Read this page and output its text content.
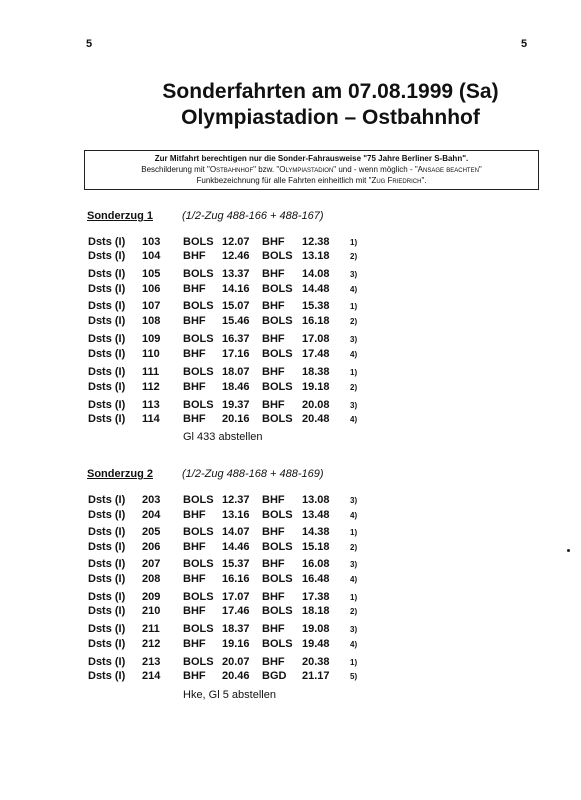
5	5
Sonderfahrten am 07.08.1999 (Sa)
Olympiastadion – Ostbahnhof
Zur Mitfahrt berechtigen nur die Sonder-Fahrausweise "75 Jahre Berliner S-Bahn".
Beschilderung mit "Ostbahnhof" bzw. "Olympiastadion" und - wenn möglich - "Ansage beachten"
Funkbezeichnung für alle Fahrten einheitlich mit "Zug Friedrich".
Sonderzug 1	(1/2-Zug 488-166 + 488-167)
Dsts (I) 103 BOLS 12.07 BHF 12.38	1)
Dsts (I) 104 BHF 12.46 BOLS 13.18	2)
Dsts (I) 105 BOLS 13.37 BHF 14.08	3)
Dsts (I) 106 BHF 14.16 BOLS 14.48	4)
Dsts (I) 107 BOLS 15.07 BHF 15.38	1)
Dsts (I) 108 BHF 15.46 BOLS 16.18	2)
Dsts (I) 109 BOLS 16.37 BHF 17.08	3)
Dsts (I) 110 BHF 17.16 BOLS 17.48	4)
Dsts (I) 111 BOLS 18.07 BHF 18.38	1)
Dsts (I) 112 BHF 18.46 BOLS 19.18	2)
Dsts (I) 113 BOLS 19.37 BHF 20.08	3)
Dsts (I) 114 BHF 20.16 BOLS 20.48	4)
Gl 433 abstellen
Sonderzug 2	(1/2-Zug 488-168 + 488-169)
Dsts (I) 203 BOLS 12.37 BHF 13.08	3)
Dsts (I) 204 BHF 13.16 BOLS 13.48	4)
Dsts (I) 205 BOLS 14.07 BHF 14.38	1)
Dsts (I) 206 BHF 14.46 BOLS 15.18	2)
Dsts (I) 207 BOLS 15.37 BHF 16.08	3)
Dsts (I) 208 BHF 16.16 BOLS 16.48	4)
Dsts (I) 209 BOLS 17.07 BHF 17.38	1)
Dsts (I) 210 BHF 17.46 BOLS 18.18	2)
Dsts (I) 211 BOLS 18.37 BHF 19.08	3)
Dsts (I) 212 BHF 19.16 BOLS 19.48	4)
Dsts (I) 213 BOLS 20.07 BHF 20.38	1)
Dsts (I) 214 BHF 20.46 BGD 21.17	5)
Hke, Gl 5 abstellen
